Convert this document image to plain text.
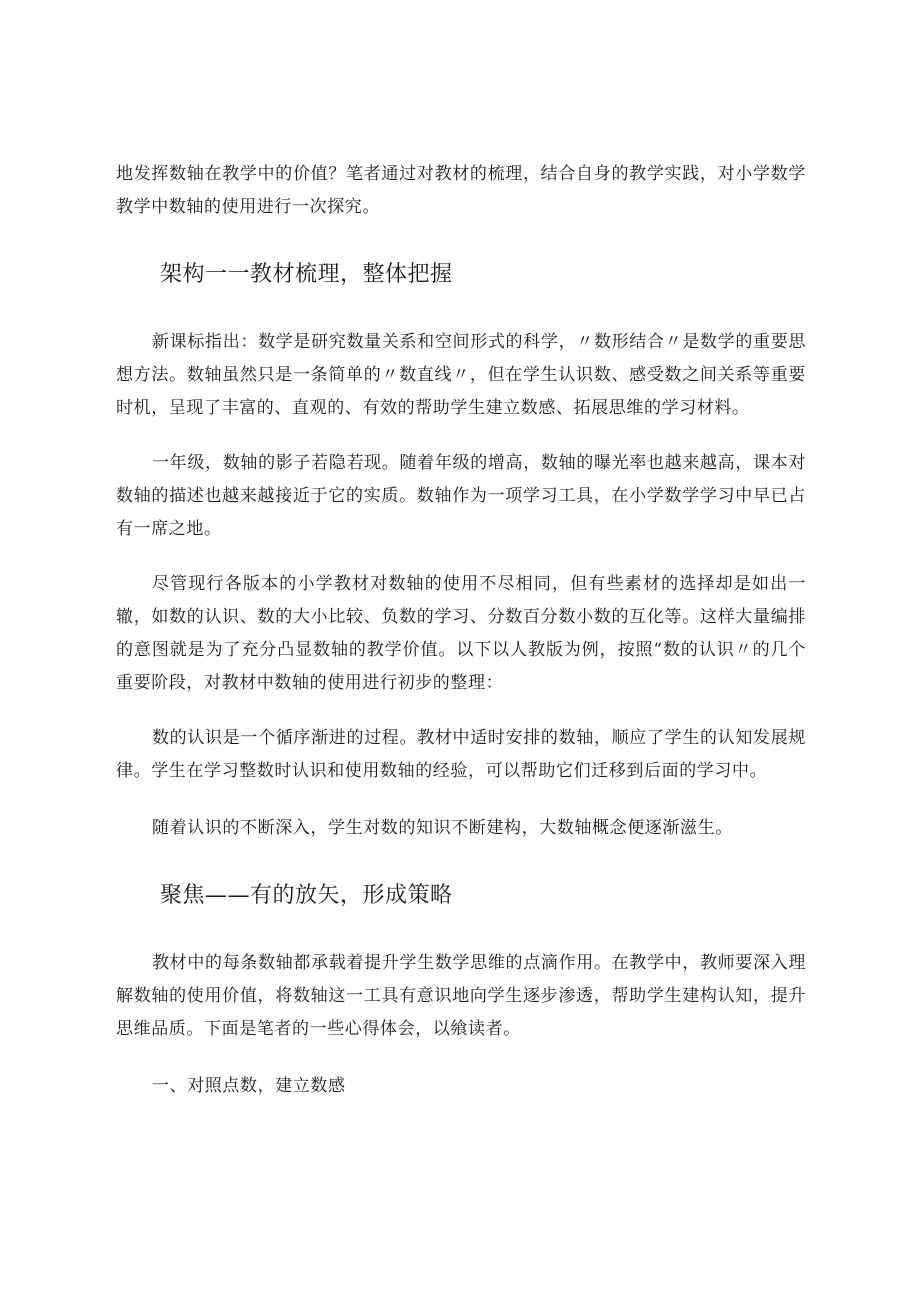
地发挥数轴在教学中的价值？笔者通过对教材的梳理，结合自身的教学实践，对小学数学教学中数轴的使用进行一次探究。

架构一一教材梳理，整体把握

新课标指出：数学是研究数量关系和空间形式的科学，〃数形结合〃是数学的重要思想方法。数轴虽然只是一条简单的〃数直线〃，但在学生认识数、感受数之间关系等重要时机，呈现了丰富的、直观的、有效的帮助学生建立数感、拓展思维的学习材料。

一年级，数轴的影子若隐若现。随着年级的增高，数轴的曝光率也越来越高，课本对数轴的描述也越来越接近于它的实质。数轴作为一项学习工具，在小学数学学习中早已占有一席之地。

尽管现行各版本的小学教材对数轴的使用不尽相同，但有些素材的选择却是如出一辙，如数的认识、数的大小比较、负数的学习、分数百分数小数的互化等。这样大量编排的意图就是为了充分凸显数轴的教学价值。以下以人教版为例，按照“数的认识〃的几个重要阶段，对教材中数轴的使用进行初步的整理：

数的认识是一个循序渐进的过程。教材中适时安排的数轴，顺应了学生的认知发展规律。学生在学习整数时认识和使用数轴的经验，可以帮助它们迁移到后面的学习中。

随着认识的不断深入，学生对数的知识不断建构，大数轴概念便逐渐滋生。

聚焦——有的放矢，形成策略

教材中的每条数轴都承载着提升学生数学思维的点滴作用。在教学中，教师要深入理解数轴的使用价值，将数轴这一工具有意识地向学生逐步渗透，帮助学生建构认知，提升思维品质。下面是笔者的一些心得体会，以飨读者。

一、对照点数，建立数感
